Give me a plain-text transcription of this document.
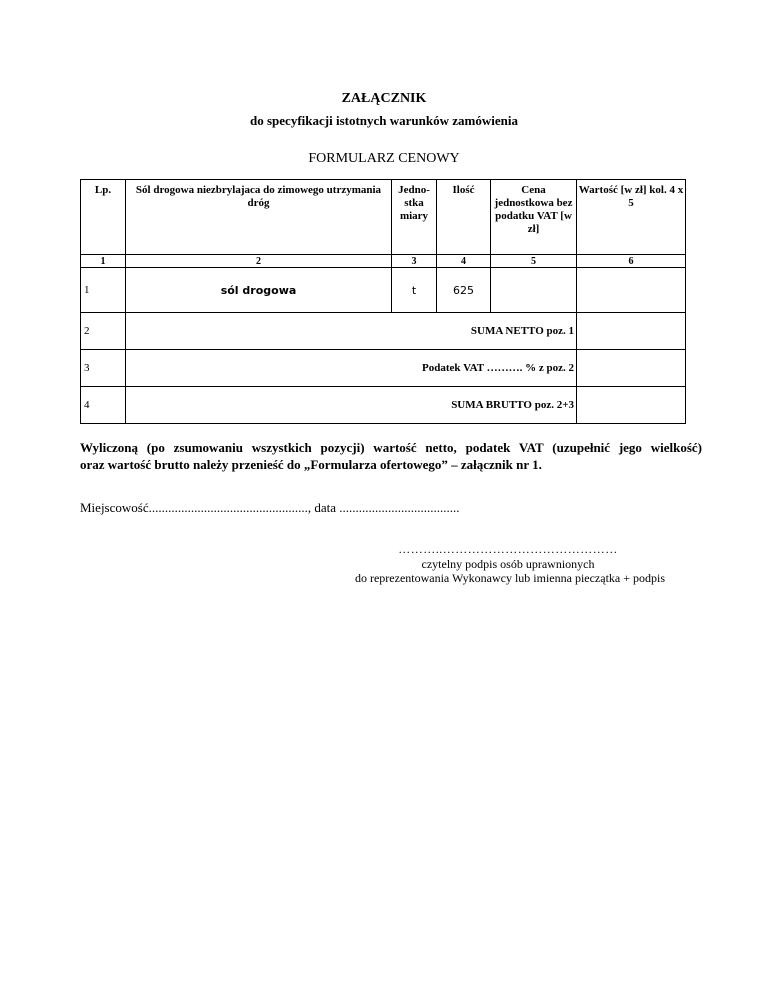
ZAŁĄCZNIK
do specyfikacji istotnych warunków zamówienia
FORMULARZ CENOWY
Lp.	Sól drogowa niezbrylajaca do zimowego utrzymania dróg	Jedno-stka miary	Ilość	Cena jednostkowa bez podatku VAT [w zł]	Wartość [w zł] kol. 4 x 5
1	2	3	4	5	6
1	sól drogowa	t	625		
2	SUMA NETTO poz. 1				
3	Podatek VAT ………. % z poz. 2				
4	SUMA BRUTTO poz. 2+3				
Wyliczoną (po zsumowaniu wszystkich pozycji) wartość netto, podatek VAT (uzupełnić jego wielkość)
oraz wartość brutto należy przenieść do „Formularza ofertowego” – załącznik nr 1.
Miejscowość................................................., data .....................................
………..……………………………………
czytelny podpis osób uprawnionych
do reprezentowania Wykonawcy lub imienna pieczątka + podpis
